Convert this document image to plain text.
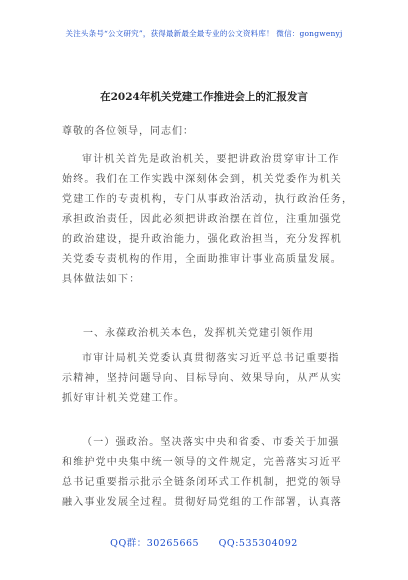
关注头条号“公文研究”，获得最新最全最专业的公文资料库！ 微信：gongwenyj
在2024年机关党建工作推进会上的汇报发言
尊敬的各位领导，同志们：
审计机关首先是政治机关，要把讲政治贯穿审计工作
始终。我们在工作实践中深刻体会到，机关党委作为机关
党建工作的专责机构，专门从事政治活动，执行政治任务，
承担政治责任，因此必须把讲政治摆在首位，注重加强党
的政治建设，提升政治能力，强化政治担当，充分发挥机
关党委专责机构的作用，全面助推审计事业高质量发展。
具体做法如下：
一、永葆政治机关本色，发挥机关党建引领作用
市审计局机关党委认真贯彻落实习近平总书记重要指
示精神，坚持问题导向、目标导向、效果导向，从严从实
抓好审计机关党建工作。
（一）强政治。坚决落实中央和省委、市委关于加强
和维护党中央集中统一领导的文件规定，完善落实习近平
总书记重要指示批示全链条闭环式工作机制，把党的领导
融入事业发展全过程。贯彻好局党组的工作部署，认真落
QQ群：30265665 QQ:535304092
